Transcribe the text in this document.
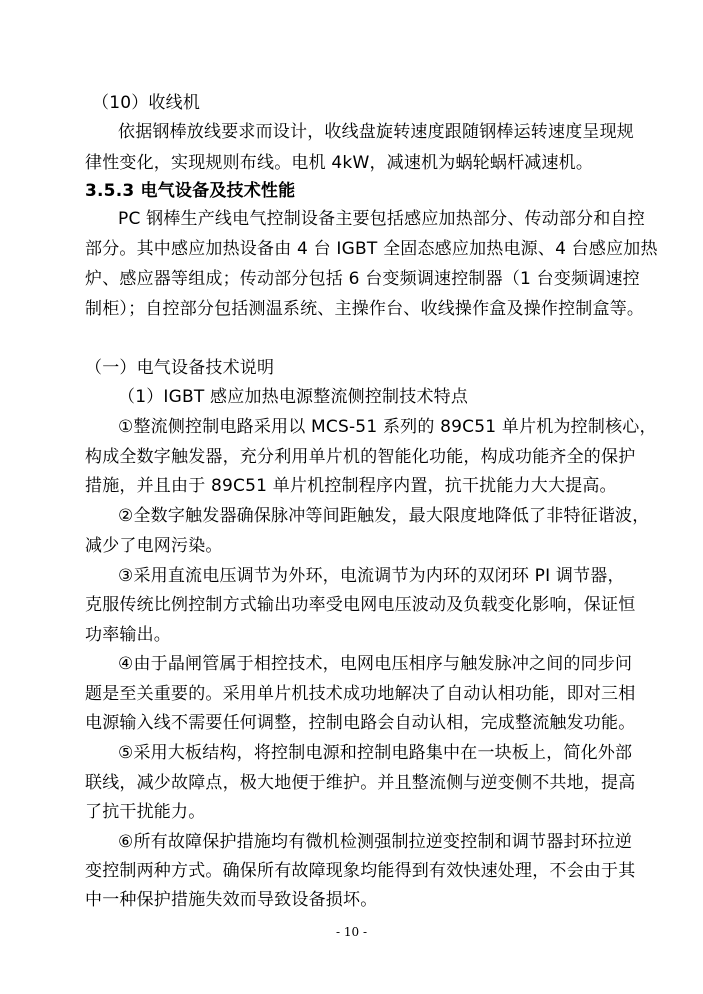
（10）收线机
依据钢棒放线要求而设计，收线盘旋转速度跟随钢棒运转速度呈现规
律性变化，实现规则布线。电机 4kW，减速机为蜗轮蜗杆减速机。
3.5.3 电气设备及技术性能
PC 钢棒生产线电气控制设备主要包括感应加热部分、传动部分和自控
部分。其中感应加热设备由 4 台 IGBT 全固态感应加热电源、4 台感应加热
炉、感应器等组成；传动部分包括 6 台变频调速控制器（1 台变频调速控
制柜）；自控部分包括测温系统、主操作台、收线操作盒及操作控制盒等。
（一）电气设备技术说明
（1）IGBT 感应加热电源整流侧控制技术特点
①整流侧控制电路采用以 MCS-51 系列的 89C51 单片机为控制核心，
构成全数字触发器，充分利用单片机的智能化功能，构成功能齐全的保护
措施，并且由于 89C51 单片机控制程序内置，抗干扰能力大大提高。
②全数字触发器确保脉冲等间距触发，最大限度地降低了非特征谐波，
减少了电网污染。
③采用直流电压调节为外环，电流调节为内环的双闭环 PI 调节器，
克服传统比例控制方式输出功率受电网电压波动及负载变化影响，保证恒
功率输出。
④由于晶闸管属于相控技术，电网电压相序与触发脉冲之间的同步问
题是至关重要的。采用单片机技术成功地解决了自动认相功能，即对三相
电源输入线不需要任何调整，控制电路会自动认相，完成整流触发功能。
⑤采用大板结构，将控制电源和控制电路集中在一块板上，简化外部
联线，减少故障点，极大地便于维护。并且整流侧与逆变侧不共地，提高
了抗干扰能力。
⑥所有故障保护措施均有微机检测强制拉逆变控制和调节器封环拉逆
变控制两种方式。确保所有故障现象均能得到有效快速处理，不会由于其
中一种保护措施失效而导致设备损坏。
- 10 -
